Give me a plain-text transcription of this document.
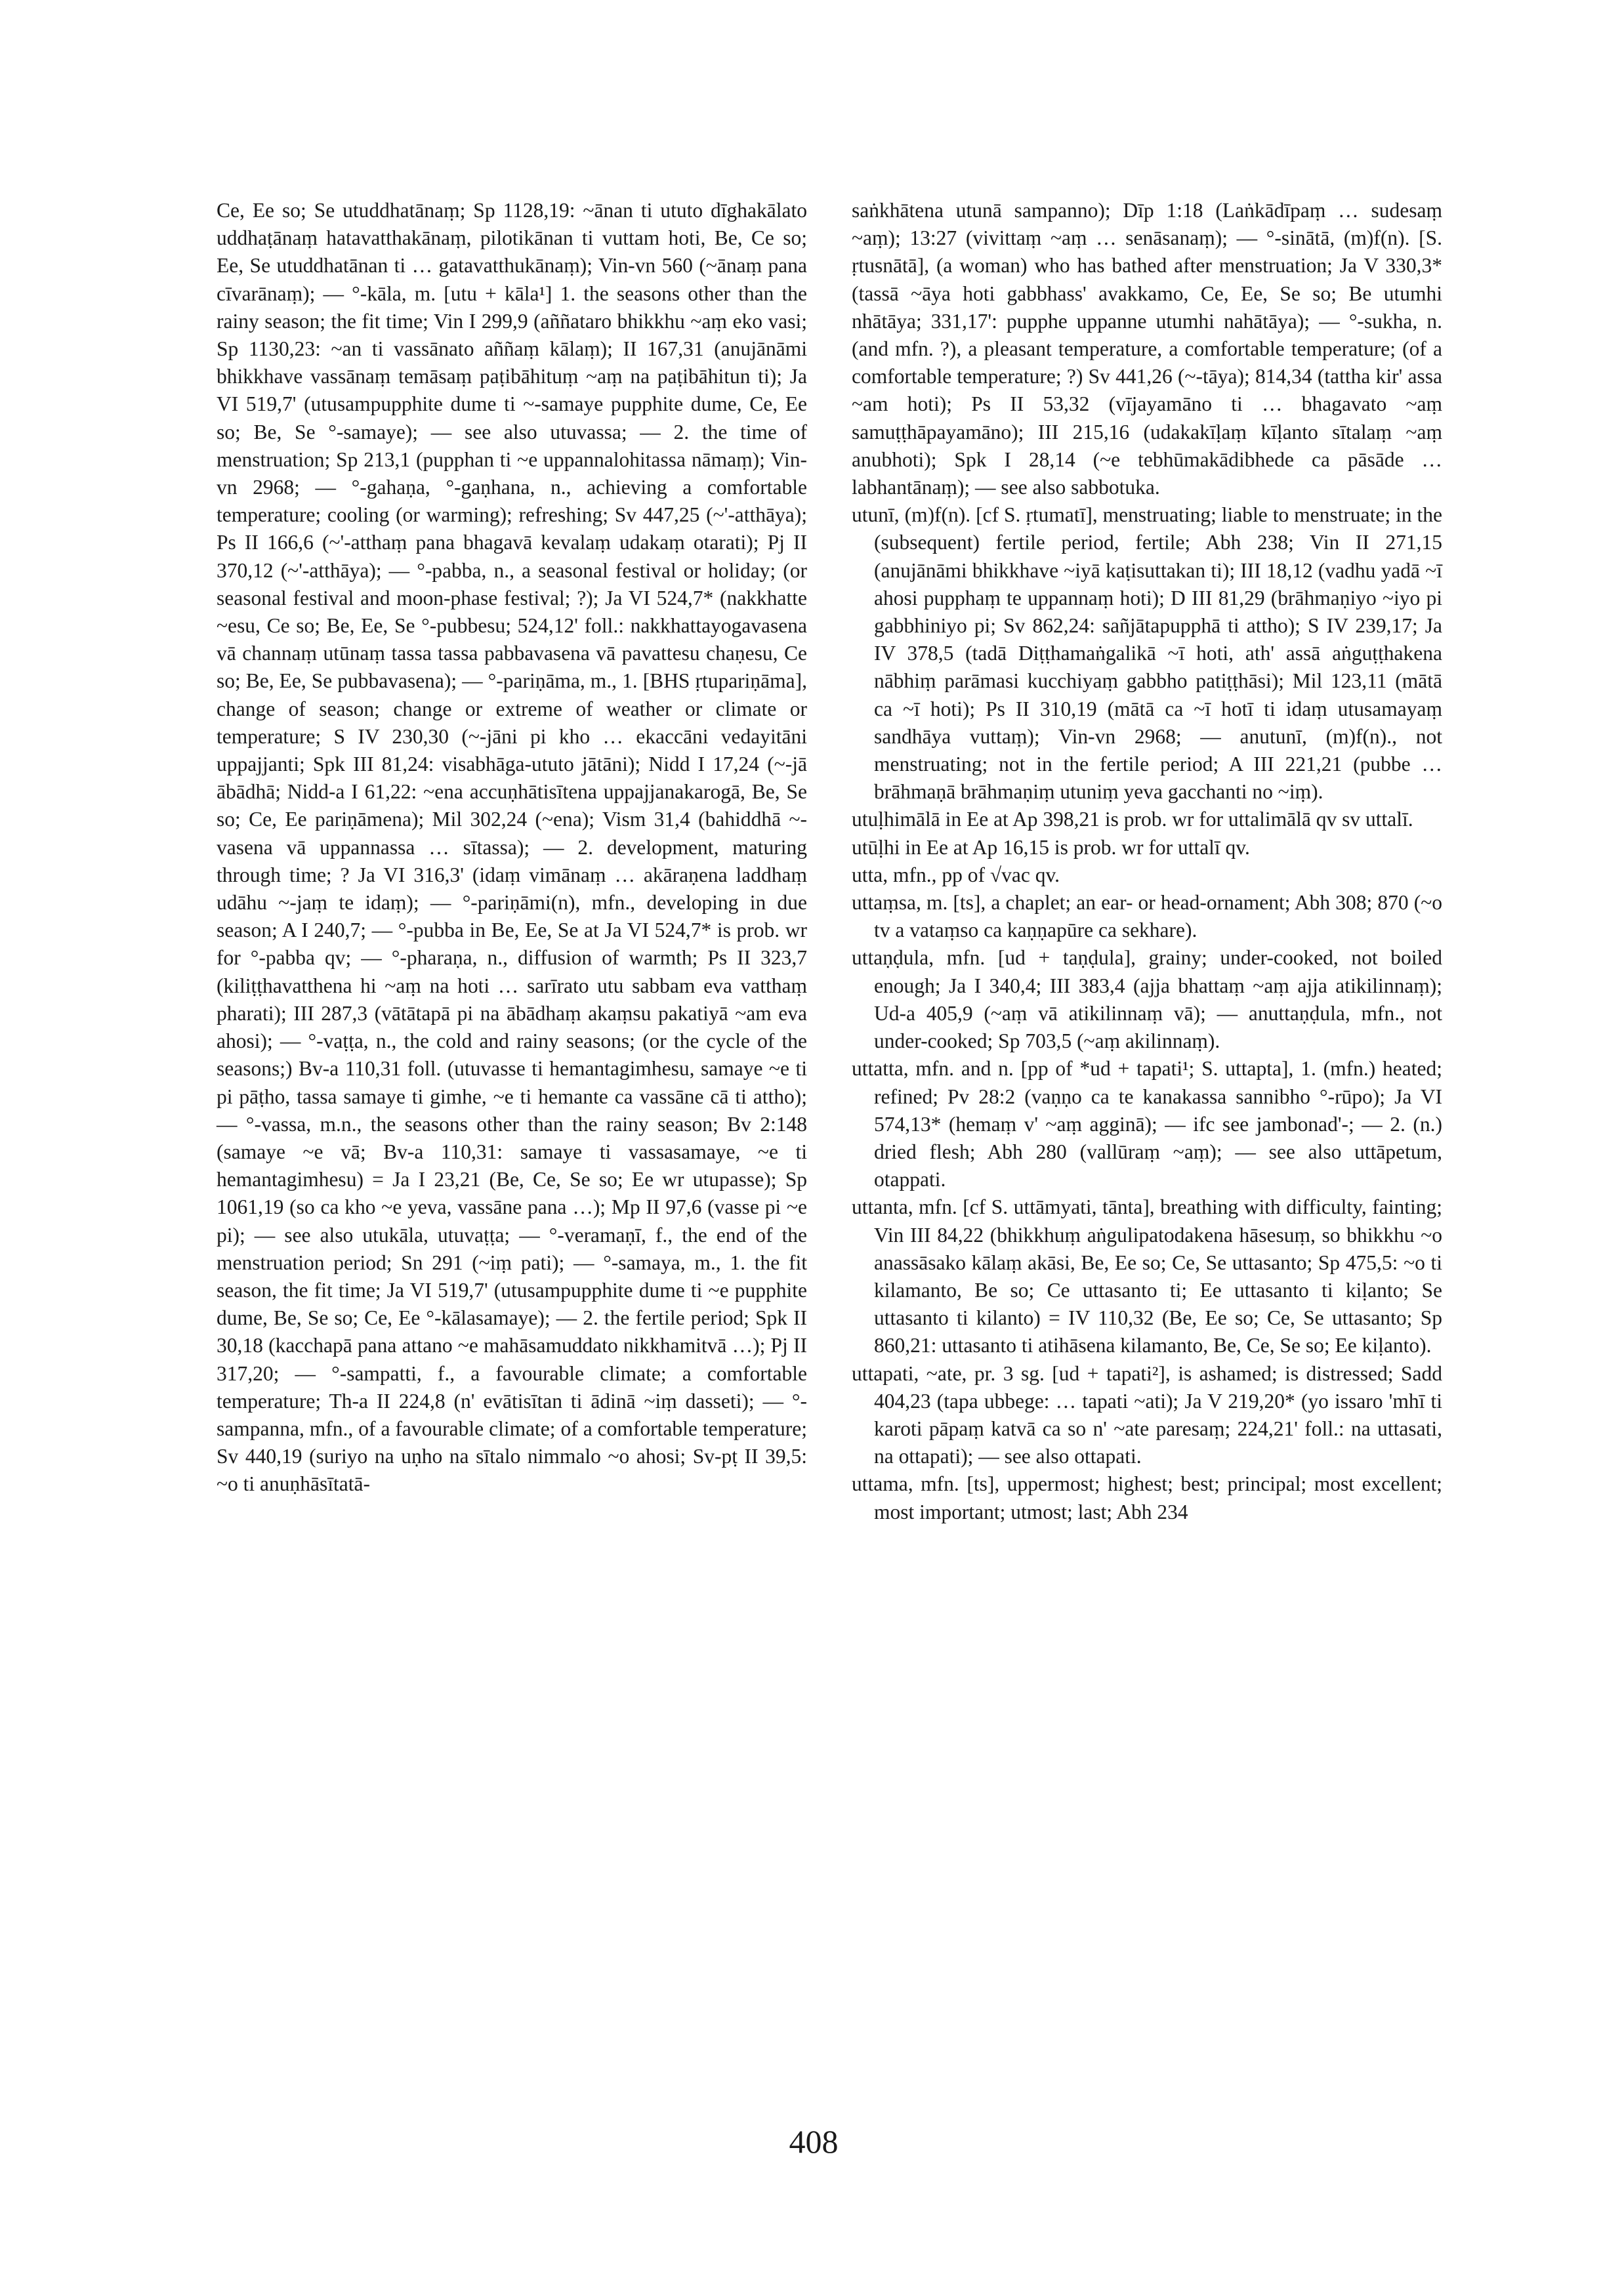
Ce, Ee so; Se utuddhatānaṃ; Sp 1128,19: ~ānan ti ututo dīghakālato uddhaṭānaṃ hatavatthakānaṃ, pilotikānan ti vuttam hoti, Be, Ce so; Ee, Se utuddhatānan ti … gatavatthukānaṃ); Vin-vn 560 (~ānaṃ pana cīvarānaṃ); — °-kāla, m. [utu + kāla¹] 1. the seasons other than the rainy season; the fit time; Vin I 299,9 (aññataro bhikkhu ~aṃ eko vasi; Sp 1130,23: ~an ti vassānato aññaṃ kālaṃ); II 167,31 (anujānāmi bhikkhave vassānaṃ temāsaṃ paṭibāhituṃ ~aṃ na paṭibāhitun ti); Ja VI 519,7' (utusampupphite dume ti ~-samaye pupphite dume, Ce, Ee so; Be, Se °-samaye); — see also utuvassa; — 2. the time of menstruation; Sp 213,1 (pupphan ti ~e uppannalohitassa nāmaṃ); Vin-vn 2968; — °-gahaṇa, °-gaṇhana, n., achieving a comfortable temperature; cooling (or warming); refreshing; Sv 447,25 (~'-atthāya); Ps II 166,6 (~'-atthaṃ pana bhagavā kevalaṃ udakaṃ otarati); Pj II 370,12 (~'-atthāya); — °-pabba, n., a seasonal festival or holiday; (or seasonal festival and moon-phase festival; ?); Ja VI 524,7* (nakkhatte ~esu, Ce so; Be, Ee, Se °-pubbesu; 524,12' foll.: nakkhattayogavasena vā channaṃ utūnaṃ tassa tassa pabbavasena vā pavattesu chaṇesu, Ce so; Be, Ee, Se pubbavasena); — °-pariṇāma, m., 1. [BHS ṛtupariṇāma], change of season; change or extreme of weather or climate or temperature; S IV 230,30 (~-jāni pi kho … ekaccāni vedayitāni uppajjanti; Spk III 81,24: visabhāga-ututo jātāni); Nidd I 17,24 (~-jā ābādhā; Nidd-a I 61,22: ~ena accuṇhātisītena uppajjanakarogā, Be, Se so; Ce, Ee pariṇāmena); Mil 302,24 (~ena); Vism 31,4 (bahiddhā ~-vasena vā uppannassa … sītassa); — 2. development, maturing through time; ? Ja VI 316,3' (idaṃ vimānaṃ … akāraṇena laddhaṃ udāhu ~-jaṃ te idaṃ); — °-pariṇāmi(n), mfn., developing in due season; A I 240,7; — °-pubba in Be, Ee, Se at Ja VI 524,7* is prob. wr for °-pabba qv; — °-pharaṇa, n., diffusion of warmth; Ps II 323,7 (kiliṭṭhavatthena hi ~aṃ na hoti … sarīrato utu sabbam eva vatthaṃ pharati); III 287,3 (vātātapā pi na ābādhaṃ akaṃsu pakatiyā ~am eva ahosi); — °-vaṭṭa, n., the cold and rainy seasons; (or the cycle of the seasons;) Bv-a 110,31 foll. (utuvasse ti hemantagimhesu, samaye ~e ti pi pāṭho, tassa samaye ti gimhe, ~e ti hemante ca vassāne cā ti attho); — °-vassa, m.n., the seasons other than the rainy season; Bv 2:148 (samaye ~e vā; Bv-a 110,31: samaye ti vassasamaye, ~e ti hemantagimhesu) = Ja I 23,21 (Be, Ce, Se so; Ee wr utupasse); Sp 1061,19 (so ca kho ~e yeva, vassāne pana …); Mp II 97,6 (vasse pi ~e pi); — see also utukāla, utuvaṭṭa; — °-veramaṇī, f., the end of the menstruation period; Sn 291 (~iṃ pati); — °-samaya, m., 1. the fit season, the fit time; Ja VI 519,7' (utusampupphite dume ti ~e pupphite dume, Be, Se so; Ce, Ee °-kālasamaye); — 2. the fertile period; Spk II 30,18 (kacchapā pana attano ~e mahāsamuddato nikkhamitvā …); Pj II 317,20; — °-sampatti, f., a favourable climate; a comfortable temperature; Th-a II 224,8 (n' evātisītan ti ādinā ~iṃ dasseti); — °-sampanna, mfn., of a favourable climate; of a comfortable temperature; Sv 440,19 (suriyo na uṇho na sītalo nimmalo ~o ahosi; Sv-pṭ II 39,5: ~o ti anuṇhāsītatā-

saṅkhātena utunā sampanno); Dīp 1:18 (Laṅkādīpaṃ … sudesaṃ ~aṃ); 13:27 (vivittaṃ ~aṃ … senāsanaṃ); — °-sinātā, (m)f(n). [S. ṛtusnātā], (a woman) who has bathed after menstruation; Ja V 330,3* (tassā ~āya hoti gabbhass' avakkamo, Ce, Ee, Se so; Be utumhi nhātāya; 331,17': pupphe uppanne utumhi nahātāya); — °-sukha, n. (and mfn. ?), a pleasant temperature, a comfortable temperature; (of a comfortable temperature; ?) Sv 441,26 (~-tāya); 814,34 (tattha kir' assa ~am hoti); Ps II 53,32 (vījayamāno ti … bhagavato ~aṃ samuṭṭhāpayamāno); III 215,16 (udakakīḷaṃ kīḷanto sītalaṃ ~aṃ anubhoti); Spk I 28,14 (~e tebhūmakādibhede ca pāsāde … labhantānaṃ); — see also sabbotuka.

utunī, (m)f(n). [cf S. ṛtumatī], menstruating; liable to menstruate; in the (subsequent) fertile period, fertile; Abh 238; Vin II 271,15 (anujānāmi bhikkhave ~iyā kaṭisuttakan ti); III 18,12 (vadhu yadā ~ī ahosi pupphaṃ te uppannaṃ hoti); D III 81,29 (brāhmaṇiyo ~iyo pi gabbhiniyo pi; Sv 862,24: sañjātapupphā ti attho); S IV 239,17; Ja IV 378,5 (tadā Diṭṭhamaṅgalikā ~ī hoti, ath' assā aṅguṭṭhakena nābhiṃ parāmasi kucchiyaṃ gabbho patiṭṭhāsi); Mil 123,11 (mātā ca ~ī hoti); Ps II 310,19 (mātā ca ~ī hotī ti idaṃ utusamayaṃ sandhāya vuttaṃ); Vin-vn 2968; — anutunī, (m)f(n)., not menstruating; not in the fertile period; A III 221,21 (pubbe … brāhmaṇā brāhmaṇiṃ utuniṃ yeva gacchanti no ~iṃ).

utuḷhimālā in Ee at Ap 398,21 is prob. wr for uttalimālā qv sv uttalī.

utūḷhi in Ee at Ap 16,15 is prob. wr for uttalī qv.

utta, mfn., pp of √vac qv.

uttaṃsa, m. [ts], a chaplet; an ear- or head-ornament; Abh 308; 870 (~o tv a vataṃso ca kaṇṇapūre ca sekhare).

uttaṇḍula, mfn. [ud + taṇḍula], grainy; under-cooked, not boiled enough; Ja I 340,4; III 383,4 (ajja bhattaṃ ~aṃ ajja atikilinnaṃ); Ud-a 405,9 (~aṃ vā atikilinnaṃ vā); — anuttaṇḍula, mfn., not under-cooked; Sp 703,5 (~aṃ akilinnaṃ).

uttatta, mfn. and n. [pp of *ud + tapati¹; S. uttapta], 1. (mfn.) heated; refined; Pv 28:2 (vaṇṇo ca te kanakassa sannibho °-rūpo); Ja VI 574,13* (hemaṃ v' ~aṃ agginā); — ifc see jambonad'-; — 2. (n.) dried flesh; Abh 280 (vallūraṃ ~aṃ); — see also uttāpetum, otappati.

uttanta, mfn. [cf S. uttāmyati, tānta], breathing with difficulty, fainting; Vin III 84,22 (bhikkhuṃ aṅgulipatodakena hāsesuṃ, so bhikkhu ~o anassāsako kālaṃ akāsi, Be, Ee so; Ce, Se uttasanto; Sp 475,5: ~o ti kilamanto, Be so; Ce uttasanto ti; Ee uttasanto ti kiḷanto; Se uttasanto ti kilanto) = IV 110,32 (Be, Ee so; Ce, Se uttasanto; Sp 860,21: uttasanto ti atihāsena kilamanto, Be, Ce, Se so; Ee kiḷanto).

uttapati, ~ate, pr. 3 sg. [ud + tapati²], is ashamed; is distressed; Sadd 404,23 (tapa ubbege: … tapati ~ati); Ja V 219,20* (yo issaro 'mhī ti karoti pāpaṃ katvā ca so n' ~ate paresaṃ; 224,21' foll.: na uttasati, na ottapati); — see also ottapati.

uttama, mfn. [ts], uppermost; highest; best; principal; most excellent; most important; utmost; last; Abh 234

408
